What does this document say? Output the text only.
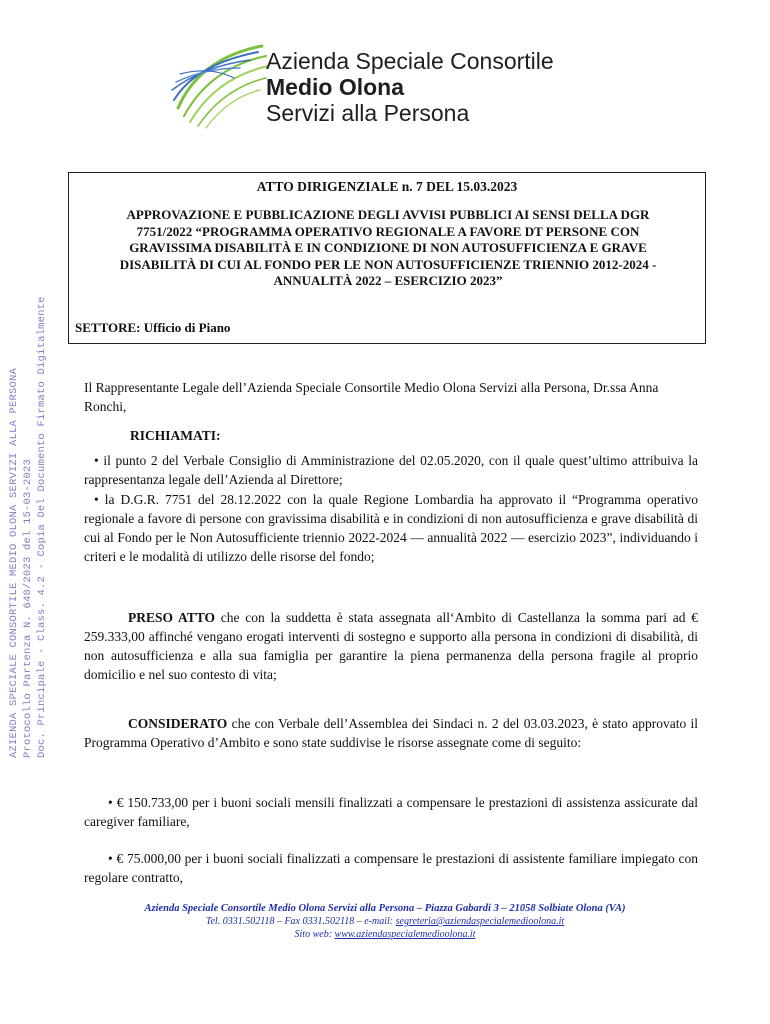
Azienda Speciale Consortile
Medio Olona
Servizi alla Persona
AZIENDA SPECIALE CONSORTILE MEDIO OLONA SERVIZI ALLA PERSONA Protocollo Partenza N. 648/2023 del 15-03-2023 Doc. Principale - Class. 4.2 - Copia Del Documento Firmato Digitalmente
ATTO DIRIGENZIALE n. 7 DEL 15.03.2023
APPROVAZIONE E PUBBLICAZIONE DEGLI AVVISI PUBBLICI AI SENSI DELLA DGR 7751/2022 “PROGRAMMA OPERATIVO REGIONALE A FAVORE DT PERSONE CON GRAVISSIMA DISABILITÀ E IN CONDIZIONE DI NON AUTOSUFFICIENZA E GRAVE DISABILITÀ DI CUI AL FONDO PER LE NON AUTOSUFFICIENZE TRIENNIO 2012-2024 -ANNUALITÀ 2022 – ESERCIZIO 2023”
SETTORE: Ufficio di Piano
Il Rappresentante Legale dell’Azienda Speciale Consortile Medio Olona Servizi alla Persona, Dr.ssa Anna Ronchi,
RICHIAMATI:
• il punto 2 del Verbale Consiglio di Amministrazione del 02.05.2020, con il quale quest’ultimo attribuiva la rappresentanza legale dell’Azienda al Direttore;
• la D.G.R. 7751 del 28.12.2022 con la quale Regione Lombardia ha approvato il “Programma operativo regionale a favore di persone con gravissima disabilità e in condizioni di non autosufficienza e grave disabilità di cui al Fondo per le Non Autosufficiente triennio 2022-2024 — annualità 2022 — esercizio 2023”, individuando i criteri e le modalità di utilizzo delle risorse del fondo;
PRESO ATTO che con la suddetta è stata assegnata all‘Ambito di Castellanza la somma pari ad € 259.333,00 affinché vengano erogati interventi di sostegno e supporto alla persona in condizioni di disabilità, di non autosufficienza e alla sua famiglia per garantire la piena permanenza della persona fragile al proprio domicilio e nel suo contesto di vita;
CONSIDERATO che con Verbale dell’Assemblea dei Sindaci n. 2 del 03.03.2023, è stato approvato il Programma Operativo d’Ambito e sono state suddivise le risorse assegnate come di seguito:
• € 150.733,00 per i buoni sociali mensili finalizzati a compensare le prestazioni di assistenza assicurate dal caregiver familiare,
• € 75.000,00 per i buoni sociali finalizzati a compensare le prestazioni di assistente familiare impiegato con regolare contratto,
Azienda Speciale Consortile Medio Olona Servizi alla Persona – Piazza Gabardi 3 – 21058 Solbiate Olona (VA)
Tel. 0331.502118 – Fax 0331.502118 – e-mail: segreteria@aziendaspecialemedioolona.it
Sito web: www.aziendaspecialemedioolona.it
